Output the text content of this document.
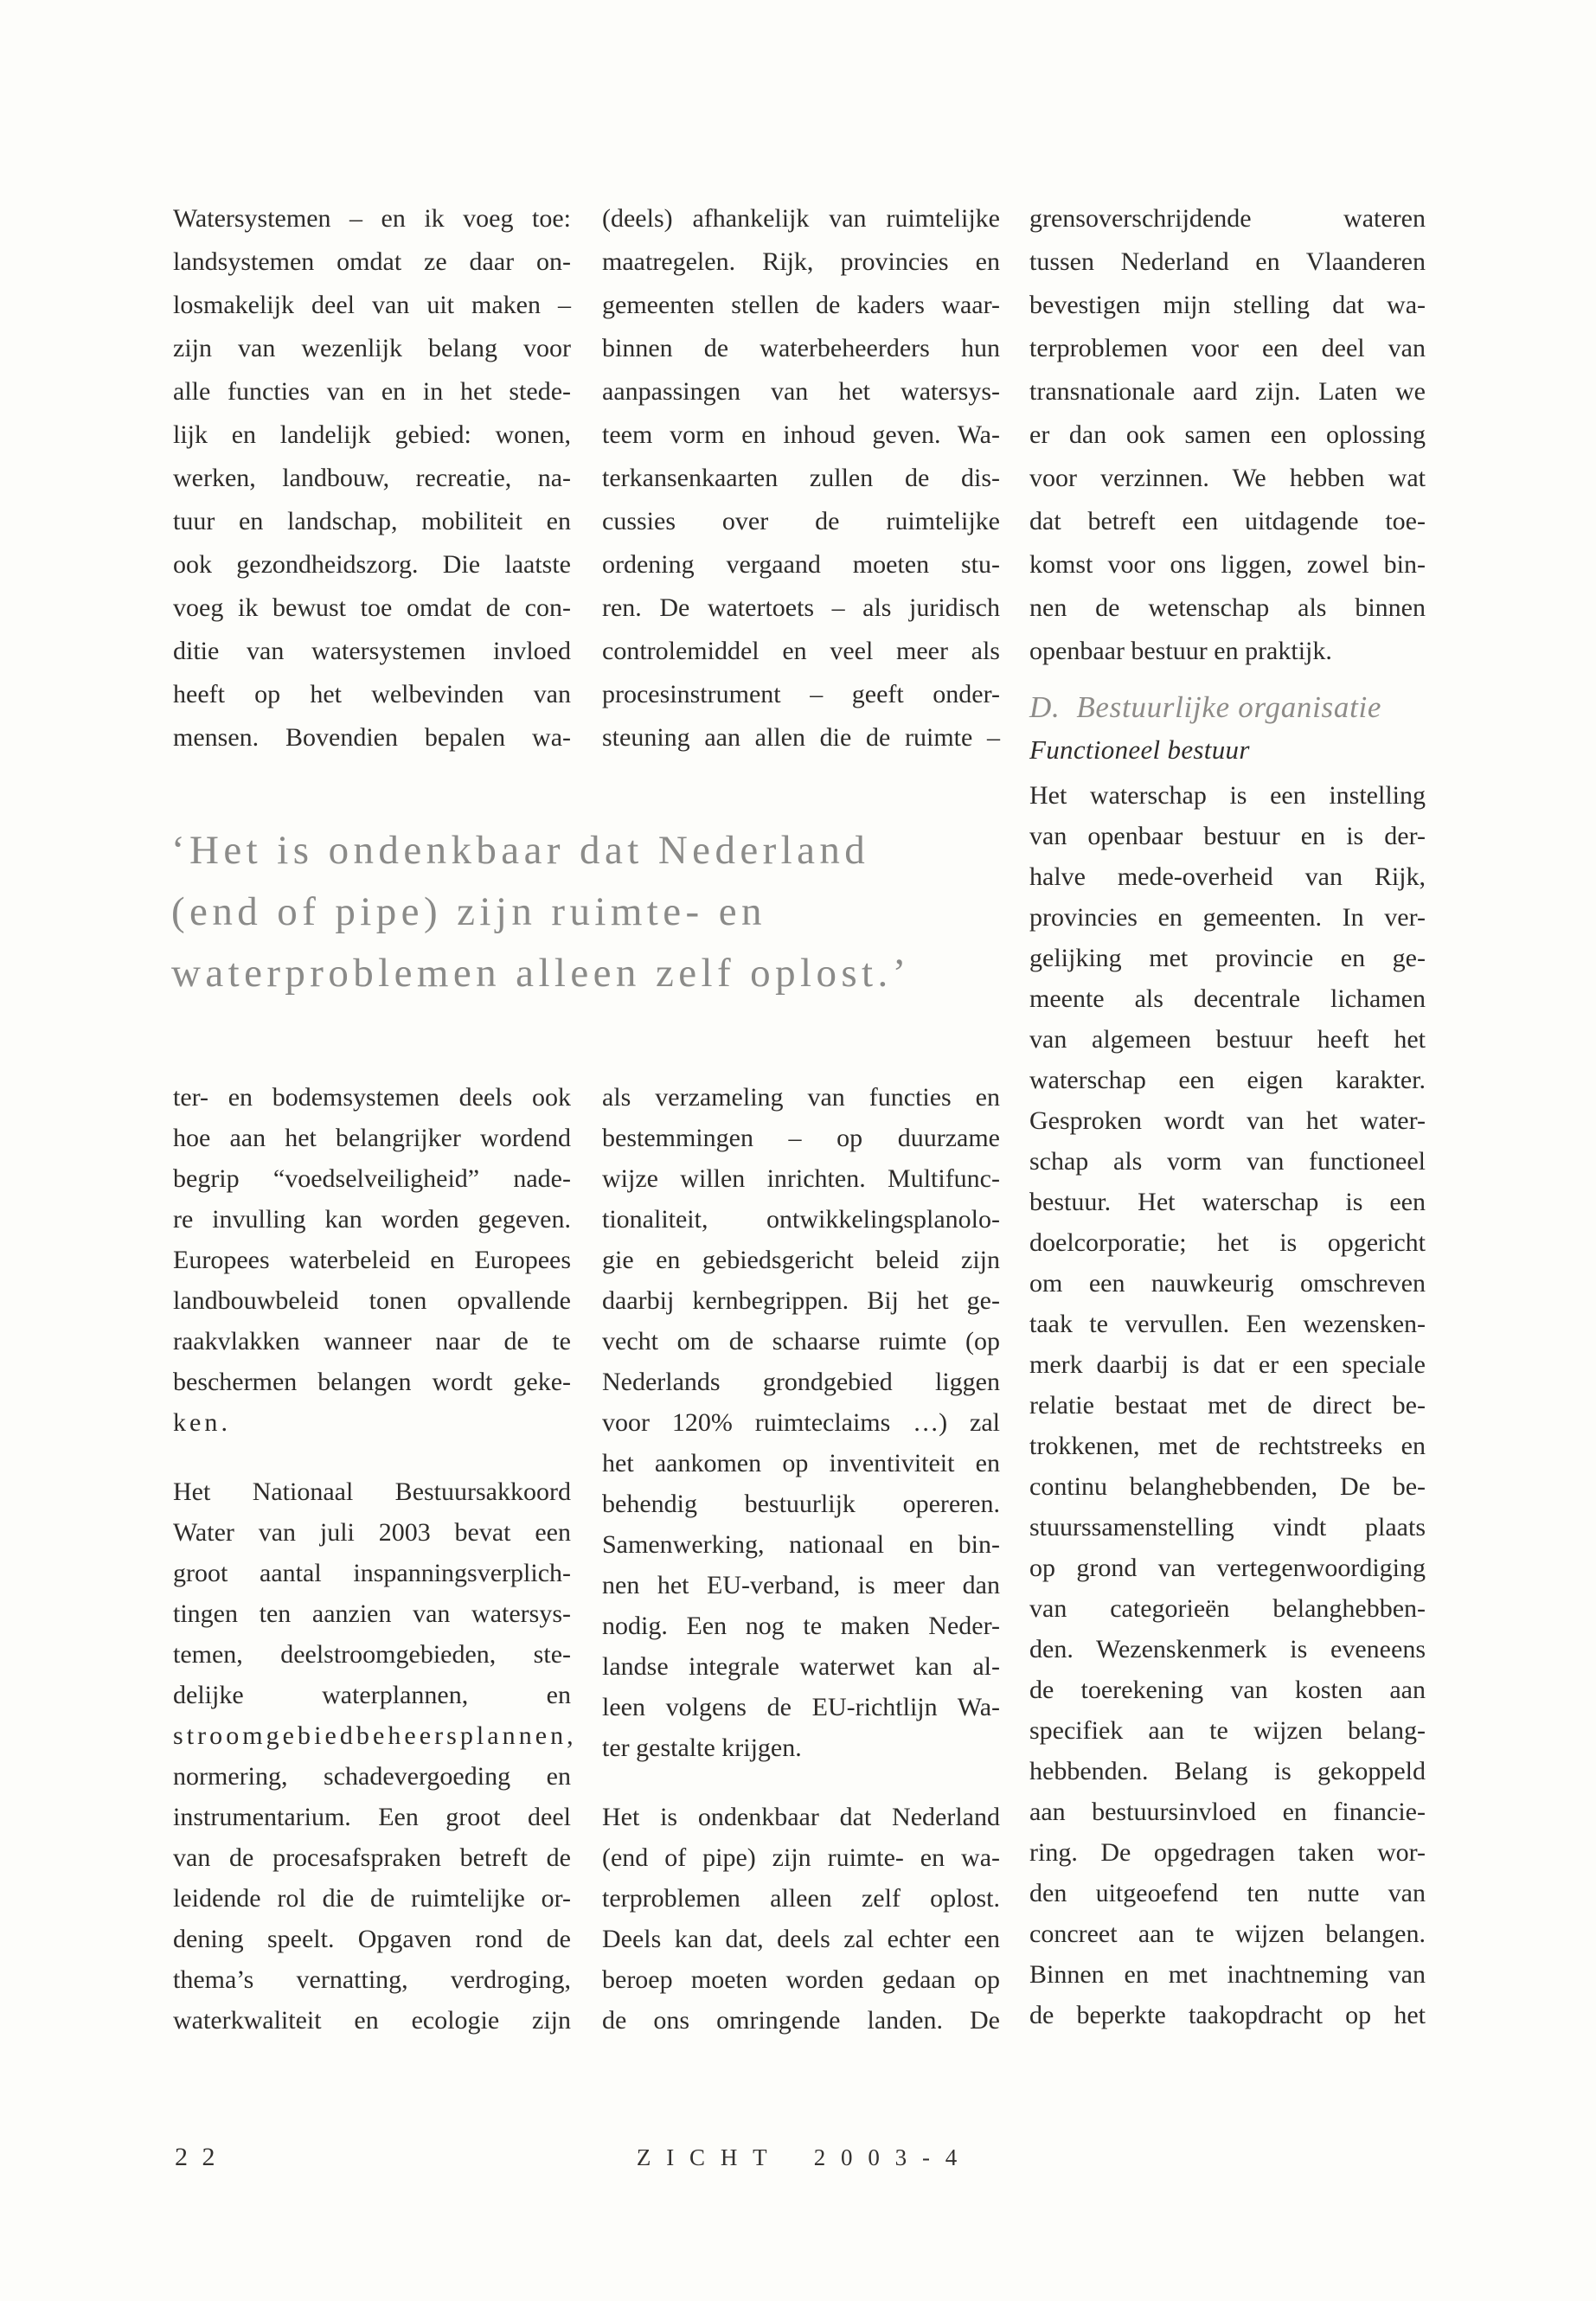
Watersystemen – en ik voeg toe:
landsystemen omdat ze daar on-
losmakelijk deel van uit maken –
zijn van wezenlijk belang voor
alle functies van en in het stede-
lijk en landelijk gebied: wonen,
werken, landbouw, recreatie, na-
tuur en landschap, mobiliteit en
ook gezondheidszorg. Die laatste
voeg ik bewust toe omdat de con-
ditie van watersystemen invloed
heeft op het welbevinden van
mensen. Bovendien bepalen wa-

(deels) afhankelijk van ruimtelijke
maatregelen. Rijk, provincies en
gemeenten stellen de kaders waar-
binnen de waterbeheerders hun
aanpassingen van het watersys-
teem vorm en inhoud geven. Wa-
terkansenkaarten zullen de dis-
cussies over de ruimtelijke
ordening vergaand moeten stu-
ren. De watertoets – als juridisch
controlemiddel en veel meer als
procesinstrument – geeft onder-
steuning aan allen die de ruimte –

‘Het is ondenkbaar dat Nederland
(end of pipe) zijn ruimte- en
waterproblemen alleen zelf oplost.’

ter- en bodemsystemen deels ook
hoe aan het belangrijker wordend
begrip “voedselveiligheid” nade-
re invulling kan worden gegeven.
Europees waterbeleid en Europees
landbouwbeleid tonen opvallende
raakvlakken wanneer naar de te
beschermen belangen wordt geke-
ken.

Het Nationaal Bestuursakkoord
Water van juli 2003 bevat een
groot aantal inspanningsverplich-
tingen ten aanzien van watersys-
temen, deelstroomgebieden, ste-
delijke waterplannen, en
stroomgebiedbeheersplannen,
normering, schadevergoeding en
instrumentarium. Een groot deel
van de procesafspraken betreft de
leidende rol die de ruimtelijke or-
dening speelt. Opgaven rond de
thema’s vernatting, verdroging,
waterkwaliteit en ecologie zijn

als verzameling van functies en
bestemmingen – op duurzame
wijze willen inrichten. Multifunc-
tionaliteit, ontwikkelingsplanolo-
gie en gebiedsgericht beleid zijn
daarbij kernbegrippen. Bij het ge-
vecht om de schaarse ruimte (op
Nederlands grondgebied liggen
voor 120% ruimteclaims …) zal
het aankomen op inventiviteit en
behendig bestuurlijk opereren.
Samenwerking, nationaal en bin-
nen het EU-verband, is meer dan
nodig. Een nog te maken Neder-
landse integrale waterwet kan al-
leen volgens de EU-richtlijn Wa-
ter gestalte krijgen.

Het is ondenkbaar dat Nederland
(end of pipe) zijn ruimte- en wa-
terproblemen alleen zelf oplost.
Deels kan dat, deels zal echter een
beroep moeten worden gedaan op
de ons omringende landen. De

grensoverschrijdende wateren
tussen Nederland en Vlaanderen
bevestigen mijn stelling dat wa-
terproblemen voor een deel van
transnationale aard zijn. Laten we
er dan ook samen een oplossing
voor verzinnen. We hebben wat
dat betreft een uitdagende toe-
komst voor ons liggen, zowel bin-
nen de wetenschap als binnen
openbaar bestuur en praktijk.

D.  Bestuurlijke organisatie
Functioneel bestuur

Het waterschap is een instelling
van openbaar bestuur en is der-
halve mede-overheid van Rijk,
provincies en gemeenten. In ver-
gelijking met provincie en ge-
meente als decentrale lichamen
van algemeen bestuur heeft het
waterschap een eigen karakter.
Gesproken wordt van het water-
schap als vorm van functioneel
bestuur. Het waterschap is een
doelcorporatie; het is opgericht
om een nauwkeurig omschreven
taak te vervullen. Een wezensken-
merk daarbij is dat er een speciale
relatie bestaat met de direct be-
trokkenen, met de rechtstreeks en
continu belanghebbenden, De be-
stuurssamenstelling vindt plaats
op grond van vertegenwoordiging
van categorieën belanghebben-
den. Wezenskenmerk is eveneens
de toerekening van kosten aan
specifiek aan te wijzen belang-
hebbenden. Belang is gekoppeld
aan bestuursinvloed en financie-
ring. De opgedragen taken wor-
den uitgeoefend ten nutte van
concreet aan te wijzen belangen.
Binnen en met inachtneming van
de beperkte taakopdracht op het

22	ZICHT 2003-4
